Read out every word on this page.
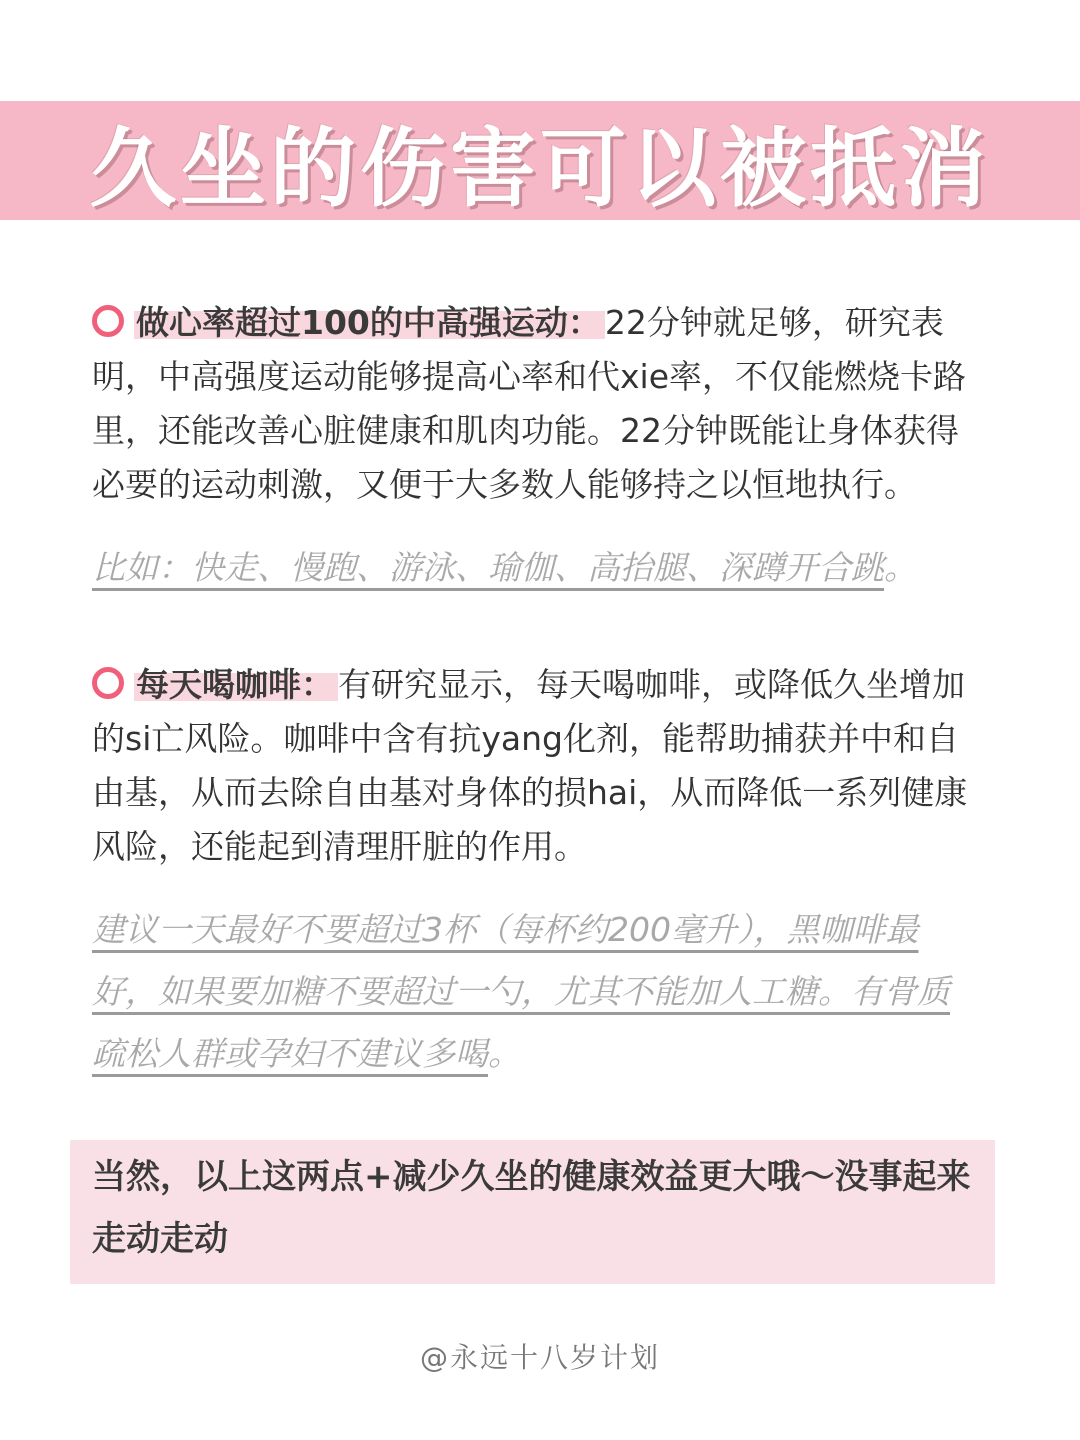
久坐的伤害可以被抵消

做心率超过100的中高强运动： 22分钟就足够，研究表明，中高强度运动能够提高心率和代xie率，不仅能燃烧卡路里，还能改善心脏健康和肌肉功能。22分钟既能让身体获得必要的运动刺激，又便于大多数人能够持之以恒地执行。

比如：快走、慢跑、游泳、瑜伽、高抬腿、深蹲开合跳。

每天喝咖啡： 有研究显示，每天喝咖啡，或降低久坐增加的si亡风险。咖啡中含有抗yang化剂，能帮助捕获并中和自由基，从而去除自由基对身体的损hai，从而降低一系列健康风险，还能起到清理肝脏的作用。

建议一天最好不要超过3杯（每杯约200毫升），黑咖啡最好，如果要加糖不要超过一勺，尤其不能加人工糖。有骨质疏松人群或孕妇不建议多喝。

当然，以上这两点+减少久坐的健康效益更大哦～没事起来走动走动

@永远十八岁计划
